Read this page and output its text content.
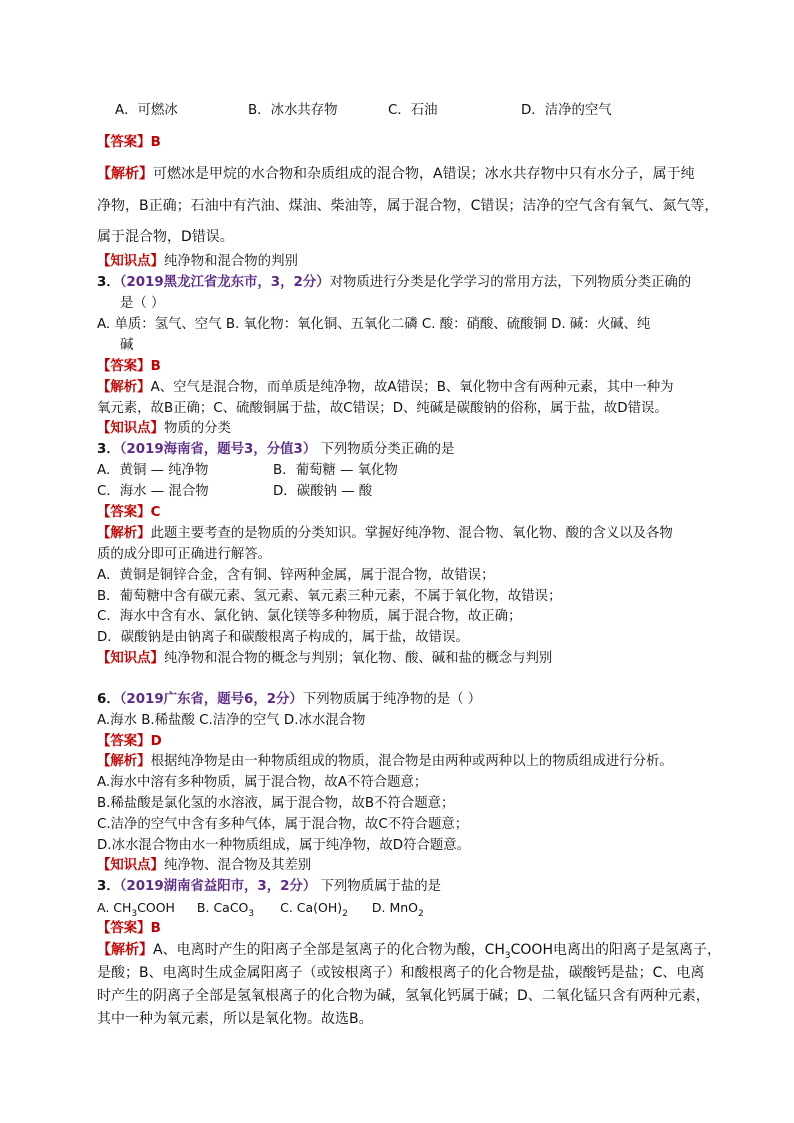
A．可燃冰	B．冰水共存物	C．石油	D．洁净的空气
【答案】B
【解析】可燃冰是甲烷的水合物和杂质组成的混合物，A错误；冰水共存物中只有水分子，属于纯
净物，B正确；石油中有汽油、煤油、柴油等，属于混合物，C错误；洁净的空气含有氧气、氮气等，
属于混合物，D错误。
【知识点】纯净物和混合物的判别
3．（2019黑龙江省龙东市，3，2分）对物质进行分类是化学学习的常用方法，下列物质分类正确的
是（ ）
A. 单质：氢气、空气 B. 氧化物：氧化铜、五氧化二磷 C. 酸：硝酸、硫酸铜 D. 碱：火碱、纯
碱
【答案】B
【解析】A、空气是混合物，而单质是纯净物，故A错误；B、氧化物中含有两种元素，其中一种为
氧元素，故B正确；C、硫酸铜属于盐，故C错误；D、纯碱是碳酸钠的俗称，属于盐，故D错误。
【知识点】物质的分类
3．（2019海南省，题号3，分值3） 下列物质分类正确的是
A．黄铜 — 纯净物	B．葡萄糖 — 氧化物
C．海水 — 混合物	D．碳酸钠 — 酸
【答案】C
【解析】此题主要考查的是物质的分类知识。掌握好纯净物、混合物、氧化物、酸的含义以及各物
质的成分即可正确进行解答。
A．黄铜是铜锌合金，含有铜、锌两种金属，属于混合物，故错误；
B．葡萄糖中含有碳元素、氢元素、氧元素三种元素，不属于氧化物，故错误；
C．海水中含有水、氯化钠、氯化镁等多种物质，属于混合物，故正确；
D．碳酸钠是由钠离子和碳酸根离子构成的，属于盐，故错误。
【知识点】纯净物和混合物的概念与判别；氧化物、酸、碱和盐的概念与判别
6．（2019广东省，题号6，2分）下列物质属于纯净物的是（ ）
A.海水 B.稀盐酸 C.洁净的空气 D.冰水混合物
【答案】D
【解析】根据纯净物是由一种物质组成的物质，混合物是由两种或两种以上的物质组成进行分析。
A.海水中溶有多种物质，属于混合物，故A不符合题意；
B.稀盐酸是氯化氢的水溶液，属于混合物，故B不符合题意；
C.洁净的空气中含有多种气体，属于混合物，故C不符合题意；
D.冰水混合物由水一种物质组成，属于纯净物，故D符合题意。
【知识点】纯净物、混合物及其差别
3．（2019湖南省益阳市，3，2分） 下列物质属于盐的是
A. $CH_3COOH$ B. CaCO$_3$ C. $Ca(OH)_2$ D. MnO$_2$
【答案】B
【解析】A、电离时产生的阳离子全部是氢离子的化合物为酸，$CH_3COOH$电离出的阳离子是氢离子，
是酸；B、电离时生成金属阳离子（或铵根离子）和酸根离子的化合物是盐，碳酸钙是盐；C、电离
时产生的阴离子全部是氢氧根离子的化合物为碱，氢氧化钙属于碱；D、二氧化锰只含有两种元素，
其中一种为氧元素，所以是氧化物。故选B。
